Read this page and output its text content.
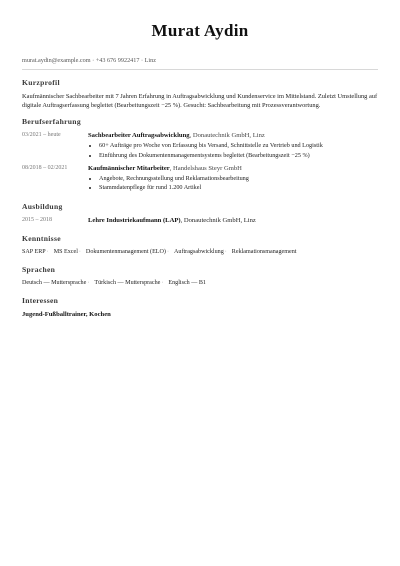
Murat Aydin
murat.aydin@example.com · +43 676 9922417 · Linz
Kurzprofil
Kaufmännischer Sachbearbeiter mit 7 Jahren Erfahrung in Auftragsabwicklung und Kundenservice im Mittelstand. Zuletzt Umstellung auf digitale Auftragserfassung begleitet (Bearbeitungszeit −25 %). Gesucht: Sachbearbeitung mit Prozessverantwortung.
Berufserfahrung
03/2021 – heute	Sachbearbeiter Auftragsabwicklung, Donautechnik GmbH, Linz
• 60+ Aufträge pro Woche von Erfassung bis Versand, Schnittstelle zu Vertrieb und Logistik
• Einführung des Dokumentenmanagementsystems begleitet (Bearbeitungszeit −25 %)
08/2018 – 02/2021	Kaufmännischer Mitarbeiter, Handelshaus Steyr GmbH
• Angebote, Rechnungsstellung und Reklamationsbearbeitung
• Stammdatenpflege für rund 1.200 Artikel
Ausbildung
2015 – 2018	Lehre Industriekaufmann (LAP), Donautechnik GmbH, Linz
Kenntnisse
SAP ERP· MS Excel· Dokumentenmanagement (ELO)· Auftragsabwicklung· Reklamationsmanagement
Sprachen
Deutsch — Muttersprache· Türkisch — Muttersprache· Englisch — B1
Interessen
Jugend-Fußballtrainer, Kochen
